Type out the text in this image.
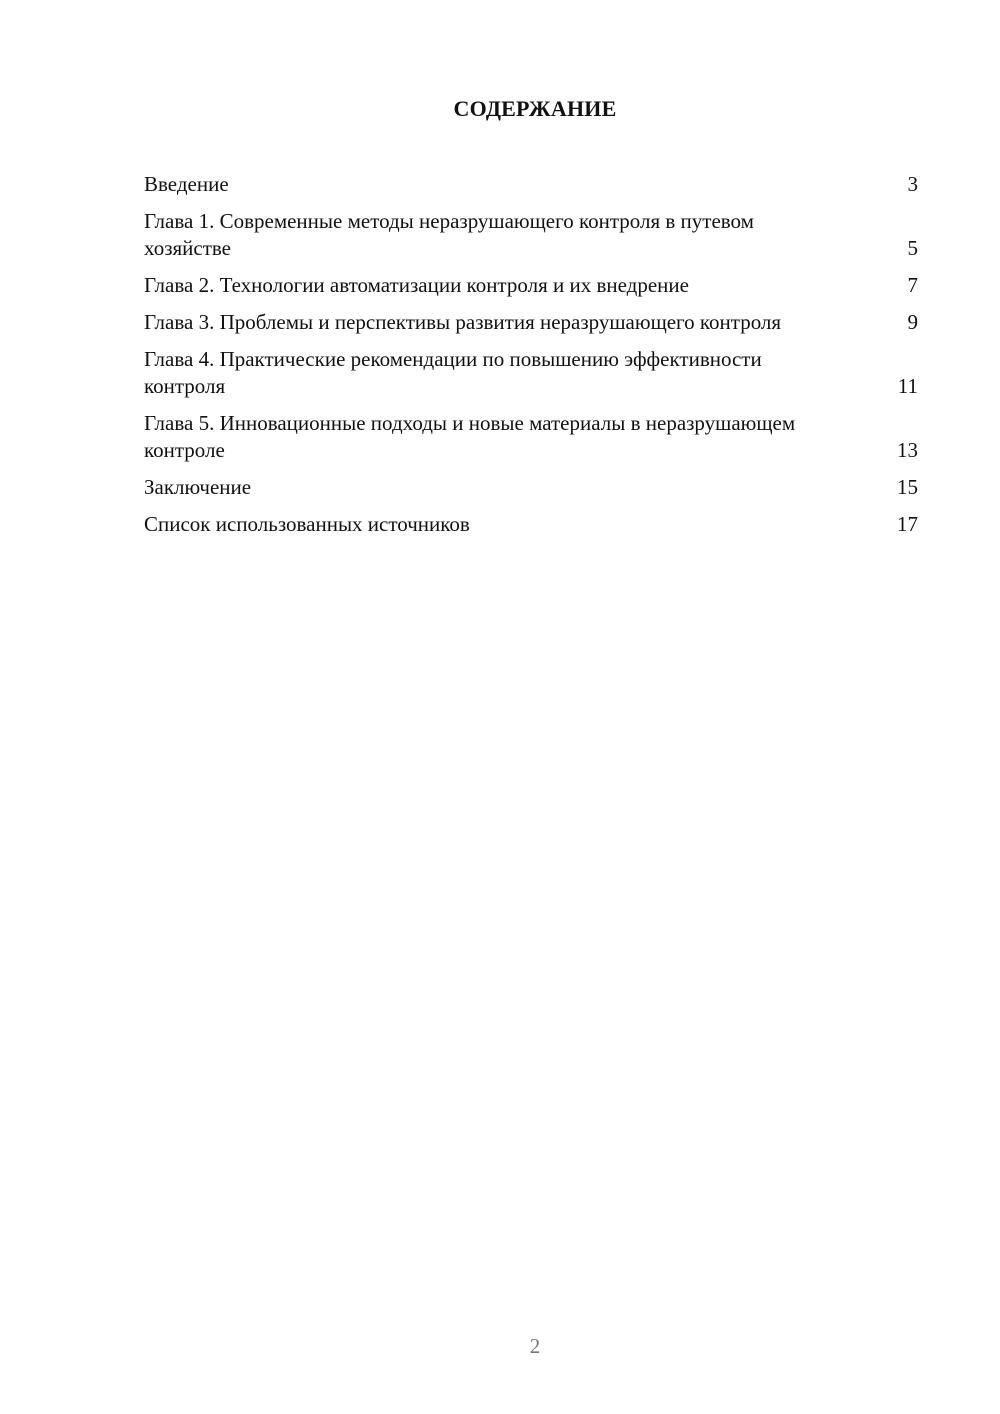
СОДЕРЖАНИЕ
Введение	3
Глава 1. Современные методы неразрушающего контроля в путевом хозяйстве	5
Глава 2. Технологии автоматизации контроля и их внедрение	7
Глава 3. Проблемы и перспективы развития неразрушающего контроля	9
Глава 4. Практические рекомендации по повышению эффективности контроля	11
Глава 5. Инновационные подходы и новые материалы в неразрушающем контроле	13
Заключение	15
Список использованных источников	17
2
